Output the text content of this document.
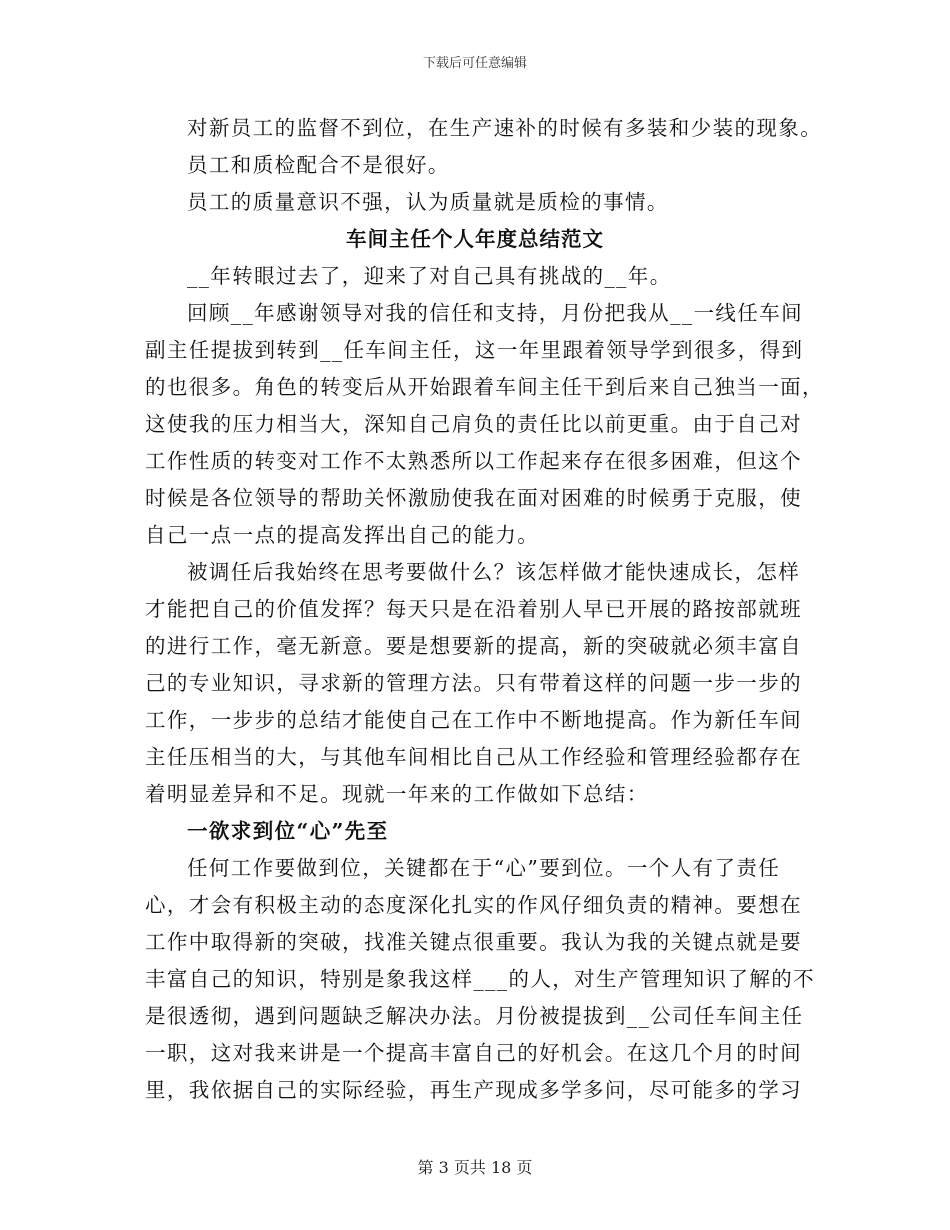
下载后可任意编辑
对新员工的监督不到位，在生产速补的时候有多装和少装的现象。
员工和质检配合不是很好。
员工的质量意识不强，认为质量就是质检的事情。
车间主任个人年度总结范文
__年转眼过去了，迎来了对自己具有挑战的__年。
回顾__年感谢领导对我的信任和支持，月份把我从__一线任车间
副主任提拔到转到__任车间主任，这一年里跟着领导学到很多，得到
的也很多。角色的转变后从开始跟着车间主任干到后来自己独当一面，
这使我的压力相当大，深知自己肩负的责任比以前更重。由于自己对
工作性质的转变对工作不太熟悉所以工作起来存在很多困难，但这个
时候是各位领导的帮助关怀激励使我在面对困难的时候勇于克服，使
自己一点一点的提高发挥出自己的能力。
被调任后我始终在思考要做什么？该怎样做才能快速成长，怎样
才能把自己的价值发挥？每天只是在沿着别人早已开展的路按部就班
的进行工作，毫无新意。要是想要新的提高，新的突破就必须丰富自
己的专业知识，寻求新的管理方法。只有带着这样的问题一步一步的
工作，一步步的总结才能使自己在工作中不断地提高。作为新任车间
主任压相当的大，与其他车间相比自己从工作经验和管理经验都存在
着明显差异和不足。现就一年来的工作做如下总结：
一欲求到位“心”先至
任何工作要做到位，关键都在于“心”要到位。一个人有了责任
心，才会有积极主动的态度深化扎实的作风仔细负责的精神。要想在
工作中取得新的突破，找准关键点很重要。我认为我的关键点就是要
丰富自己的知识，特别是象我这样___的人，对生产管理知识了解的不
是很透彻，遇到问题缺乏解决办法。月份被提拔到__公司任车间主任
一职，这对我来讲是一个提高丰富自己的好机会。在这几个月的时间
里，我依据自己的实际经验，再生产现成多学多问，尽可能多的学习
第 3 页共 18 页
